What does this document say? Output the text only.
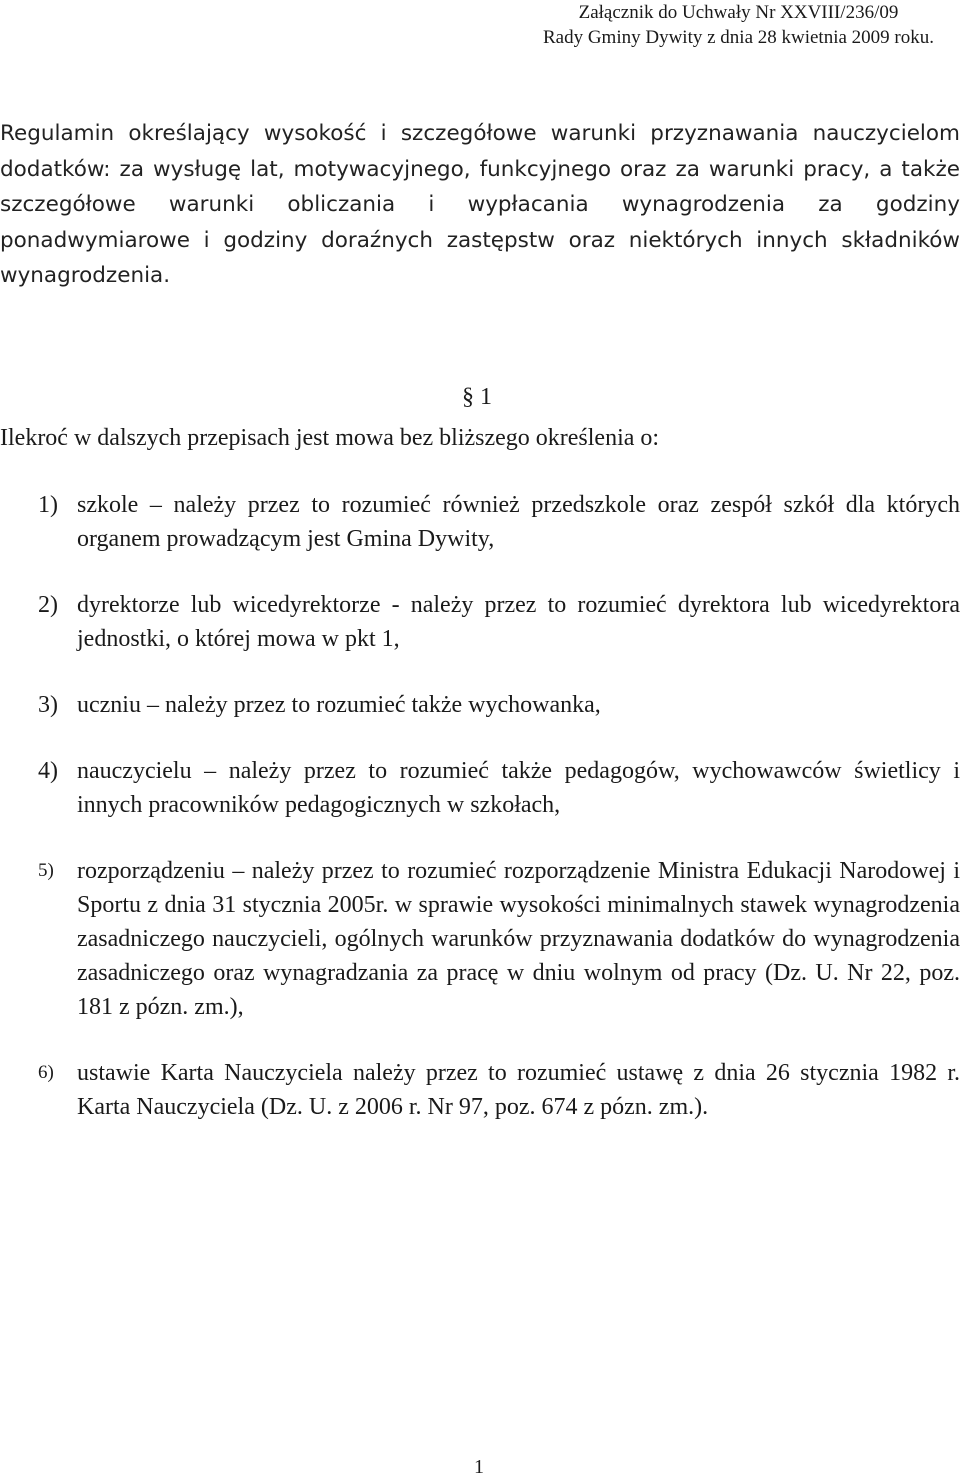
Załącznik do Uchwały Nr XXVIII/236/09
Rady Gminy Dywity z dnia 28 kwietnia 2009 roku.
Regulamin określający wysokość i szczegółowe warunki przyznawania nauczycielom dodatków: za wysługę lat, motywacyjnego, funkcyjnego oraz za warunki pracy, a także szczegółowe warunki obliczania i wypłacania wynagrodzenia za godziny ponadwymiarowe i godziny doraźnych zastępstw oraz niektórych innych składników wynagrodzenia.
§ 1

Ilekroć w dalszych przepisach jest mowa bez bliższego określenia o:

1) szkole – należy przez to rozumieć również przedszkole oraz zespół szkół dla których organem prowadzącym jest Gmina Dywity,
2) dyrektorze lub wicedyrektorze - należy przez to rozumieć dyrektora lub wicedyrektora jednostki, o której mowa w pkt 1,
3) uczniu – należy przez to rozumieć także wychowanka,
4) nauczycielu – należy przez to rozumieć także pedagogów, wychowawców świetlicy i innych pracowników pedagogicznych w szkołach,
5) rozporządzeniu – należy przez to rozumieć rozporządzenie Ministra Edukacji Narodowej i Sportu z dnia 31 stycznia 2005r. w sprawie wysokości minimalnych stawek wynagrodzenia zasadniczego nauczycieli, ogólnych warunków przyznawania dodatków do wynagrodzenia zasadniczego oraz wynagradzania za pracę w dniu wolnym od pracy (Dz. U. Nr 22, poz. 181 z pózn. zm.),
6) ustawie Karta Nauczyciela należy przez to rozumieć ustawę z dnia 26 stycznia 1982 r. Karta Nauczyciela (Dz. U. z 2006 r. Nr 97, poz. 674 z pózn. zm.).
1
